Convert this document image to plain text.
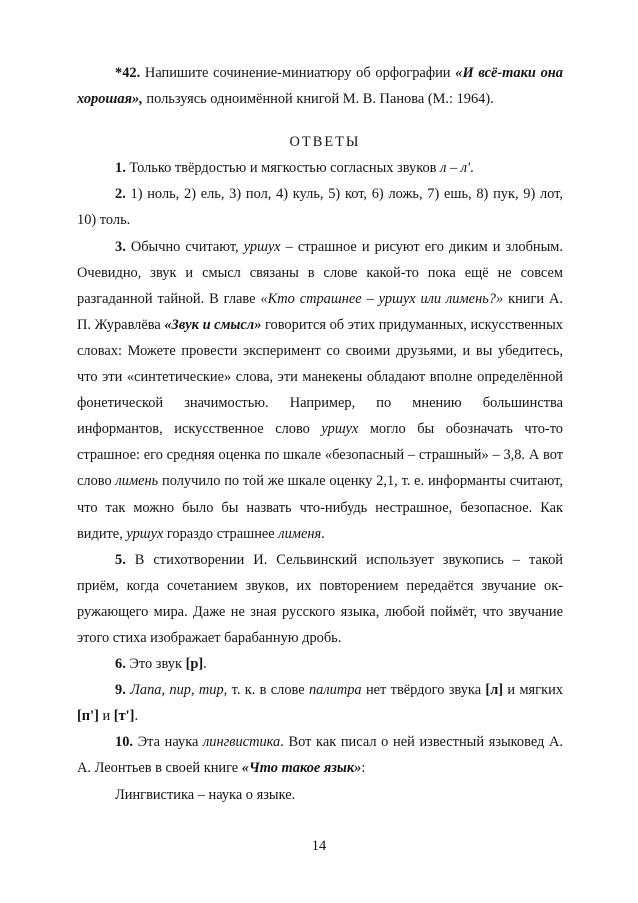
*42. Напишите сочинение-миниатюру об орфографии «И всё-таки она хорошая», пользуясь одноимённой книгой М. В. Панова (М.: 1964).

ОТВЕТЫ

1. Только твёрдостью и мягкостью согласных звуков л – л'.

2. 1) ноль, 2) ель, 3) пол, 4) куль, 5) кот, 6) ложь, 7) ешь, 8) пук, 9) лот, 10) толь.

3. Обычно считают, уршух – страшное и рисуют его диким и злобным. Очевидно, звук и смысл связаны в слове какой-то пока ещё не совсем разгаданной тайной. В главе «Кто страшнее – уршух или лимень?» книги А. П. Журавлёва «Звук и смысл» говорится об этих придуманных, искусственных словах: Можете провести эксперимент со своими друзьями, и вы убедитесь, что эти «синтетические» слова, эти манекены обладают вполне определённой фонетической значимостью. Например, по мнению большинства информантов, искусственное слово уршух могло бы обозначать что-то страшное: его средняя оценка по шкале «безопасный – страшный» – 3,8. А вот слово лимень получило по той же шкале оценку 2,1, т. е. информанты считают, что так можно было бы назвать что-нибудь нестрашное, безопасное. Как видите, уршух гораздо страшнее лименя.

5. В стихотворении И. Сельвинский использует звукопись – такой приём, когда сочетанием звуков, их повторением передаётся звучание окружающего мира. Даже не зная русского языка, любой поймёт, что звучание этого стиха изображает барабанную дробь.

6. Это звук [р].

9. Лапа, пир, тир, т. к. в слове палитра нет твёрдого звука [л] и мягких [п'] и [т'].

10. Эта наука лингвистика. Вот как писал о ней известный языковед А. А. Леонтьев в своей книге «Что такое язык»:

Лингвистика – наука о языке.

14
